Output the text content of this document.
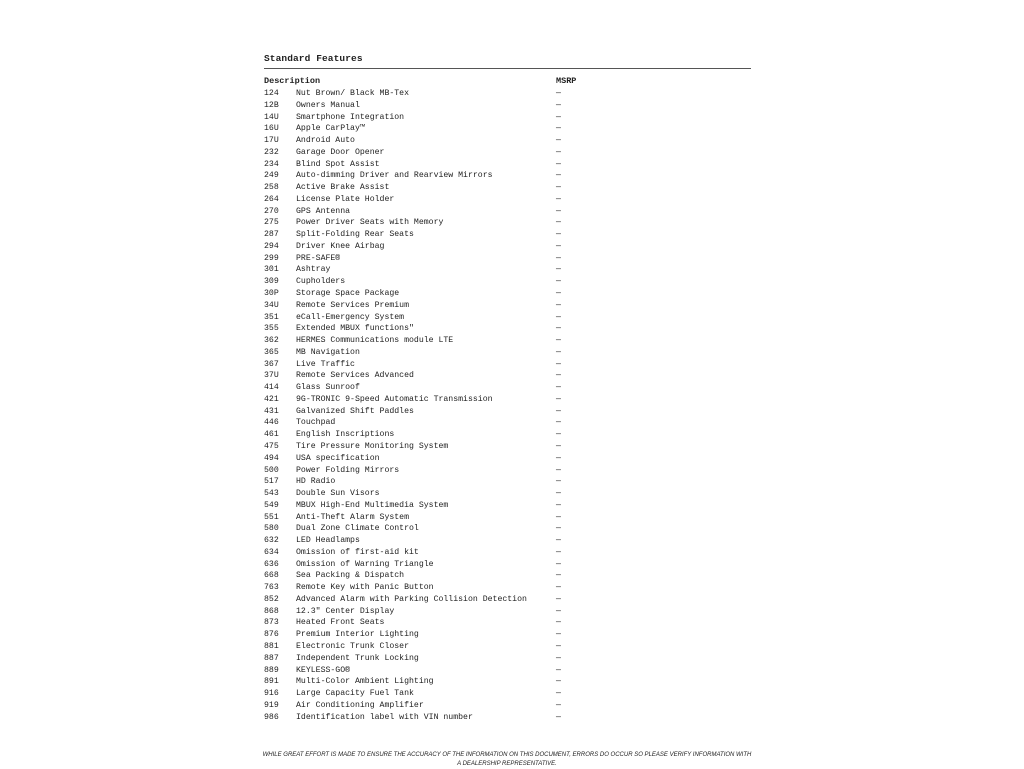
Standard Features
Description	MSRP
124 Nut Brown/ Black MB-Tex	—
12B Owners Manual	—
14U Smartphone Integration	—
16U Apple CarPlay™	—
17U Android Auto	—
232 Garage Door Opener	—
234 Blind Spot Assist	—
249 Auto-dimming Driver and Rearview Mirrors	—
258 Active Brake Assist	—
264 License Plate Holder	—
270 GPS Antenna	—
275 Power Driver Seats with Memory	—
287 Split-Folding Rear Seats	—
294 Driver Knee Airbag	—
299 PRE-SAFE®	—
301 Ashtray	—
309 Cupholders	—
30P Storage Space Package	—
34U Remote Services Premium	—
351 eCall-Emergency System	—
355 Extended MBUX functions"	—
362 HERMES Communications module LTE	—
365 MB Navigation	—
367 Live Traffic	—
37U Remote Services Advanced	—
414 Glass Sunroof	—
421 9G-TRONIC 9-Speed Automatic Transmission	—
431 Galvanized Shift Paddles	—
446 Touchpad	—
461 English Inscriptions	—
475 Tire Pressure Monitoring System	—
494 USA specification	—
500 Power Folding Mirrors	—
517 HD Radio	—
543 Double Sun Visors	—
549 MBUX High-End Multimedia System	—
551 Anti-Theft Alarm System	—
580 Dual Zone Climate Control	—
632 LED Headlamps	—
634 Omission of first-aid kit	—
636 Omission of Warning Triangle	—
668 Sea Packing & Dispatch	—
763 Remote Key with Panic Button	—
852 Advanced Alarm with Parking Collision Detection	—
868 12.3" Center Display	—
873 Heated Front Seats	—
876 Premium Interior Lighting	—
881 Electronic Trunk Closer	—
887 Independent Trunk Locking	—
889 KEYLESS-GO®	—
891 Multi-Color Ambient Lighting	—
916 Large Capacity Fuel Tank	—
919 Air Conditioning Amplifier	—
986 Identification label with VIN number	—
WHILE GREAT EFFORT IS MADE TO ENSURE THE ACCURACY OF THE INFORMATION ON THIS DOCUMENT, ERRORS DO OCCUR SO PLEASE VERIFY INFORMATION WITH A DEALERSHIP REPRESENTATIVE.
